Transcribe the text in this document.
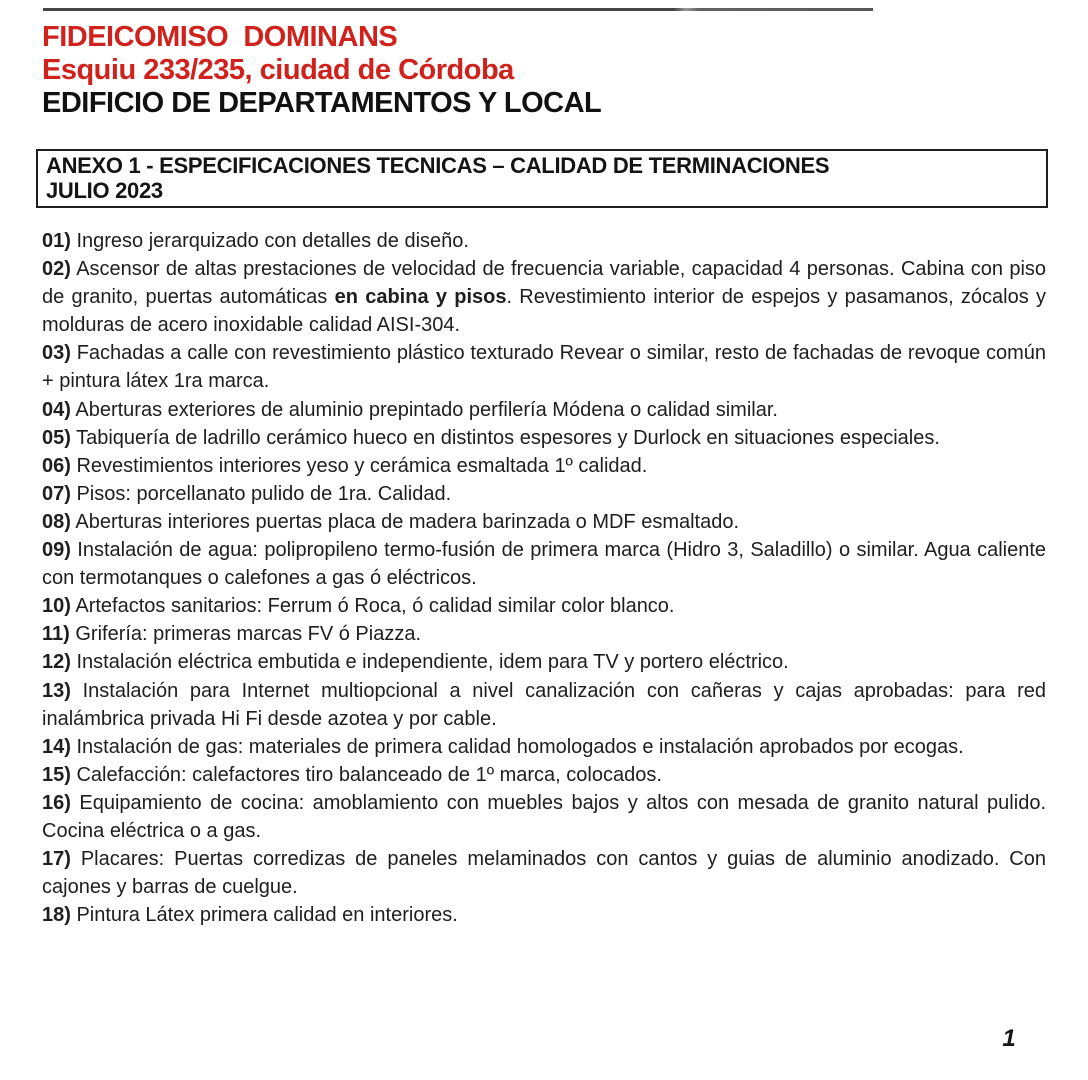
FIDEICOMISO  DOMINANS
Esquiu 233/235, ciudad de Córdoba
EDIFICIO DE DEPARTAMENTOS Y LOCAL
ANEXO 1 - ESPECIFICACIONES TECNICAS – CALIDAD DE TERMINACIONES
JULIO 2023

01) Ingreso jerarquizado con detalles de diseño.

02) Ascensor de altas prestaciones de velocidad de frecuencia variable, capacidad 4 personas. Cabina con piso de granito, puertas automáticas en cabina y pisos. Revestimiento interior de espejos y pasamanos, zócalos y molduras de acero inoxidable calidad AISI-304.

03) Fachadas a calle con revestimiento plástico texturado Revear o similar, resto de fachadas de revoque común + pintura látex 1ra marca.

04) Aberturas exteriores de aluminio prepintado perfilería Módena o calidad similar.

05) Tabiquería de ladrillo cerámico hueco en distintos espesores y Durlock en situaciones especiales.

06) Revestimientos interiores yeso y cerámica esmaltada 1º calidad.

07) Pisos: porcellanato pulido de 1ra. Calidad.

08) Aberturas interiores puertas placa de madera barinzada o MDF esmaltado.

09) Instalación de agua: polipropileno termo-fusión de primera marca (Hidro 3, Saladillo) o similar. Agua caliente con termotanques o calefones a gas ó eléctricos.

10) Artefactos sanitarios: Ferrum ó Roca, ó calidad similar color blanco.

11) Grifería: primeras marcas FV ó Piazza.

12) Instalación eléctrica embutida e independiente, idem para TV y portero eléctrico.

13) Instalación para Internet multiopcional a nivel canalización con cañeras y cajas aprobadas: para red inalámbrica privada Hi Fi desde azotea y por cable.

14) Instalación de gas: materiales de primera calidad homologados e instalación aprobados por ecogas.

15) Calefacción: calefactores tiro balanceado de 1º marca, colocados.

16) Equipamiento de cocina: amoblamiento con muebles bajos y altos con mesada de granito natural pulido. Cocina eléctrica o a gas.

17) Placares: Puertas corredizas de paneles melaminados con cantos y guias de aluminio anodizado. Con cajones y barras de cuelgue.

18) Pintura Látex primera calidad en interiores.

1
